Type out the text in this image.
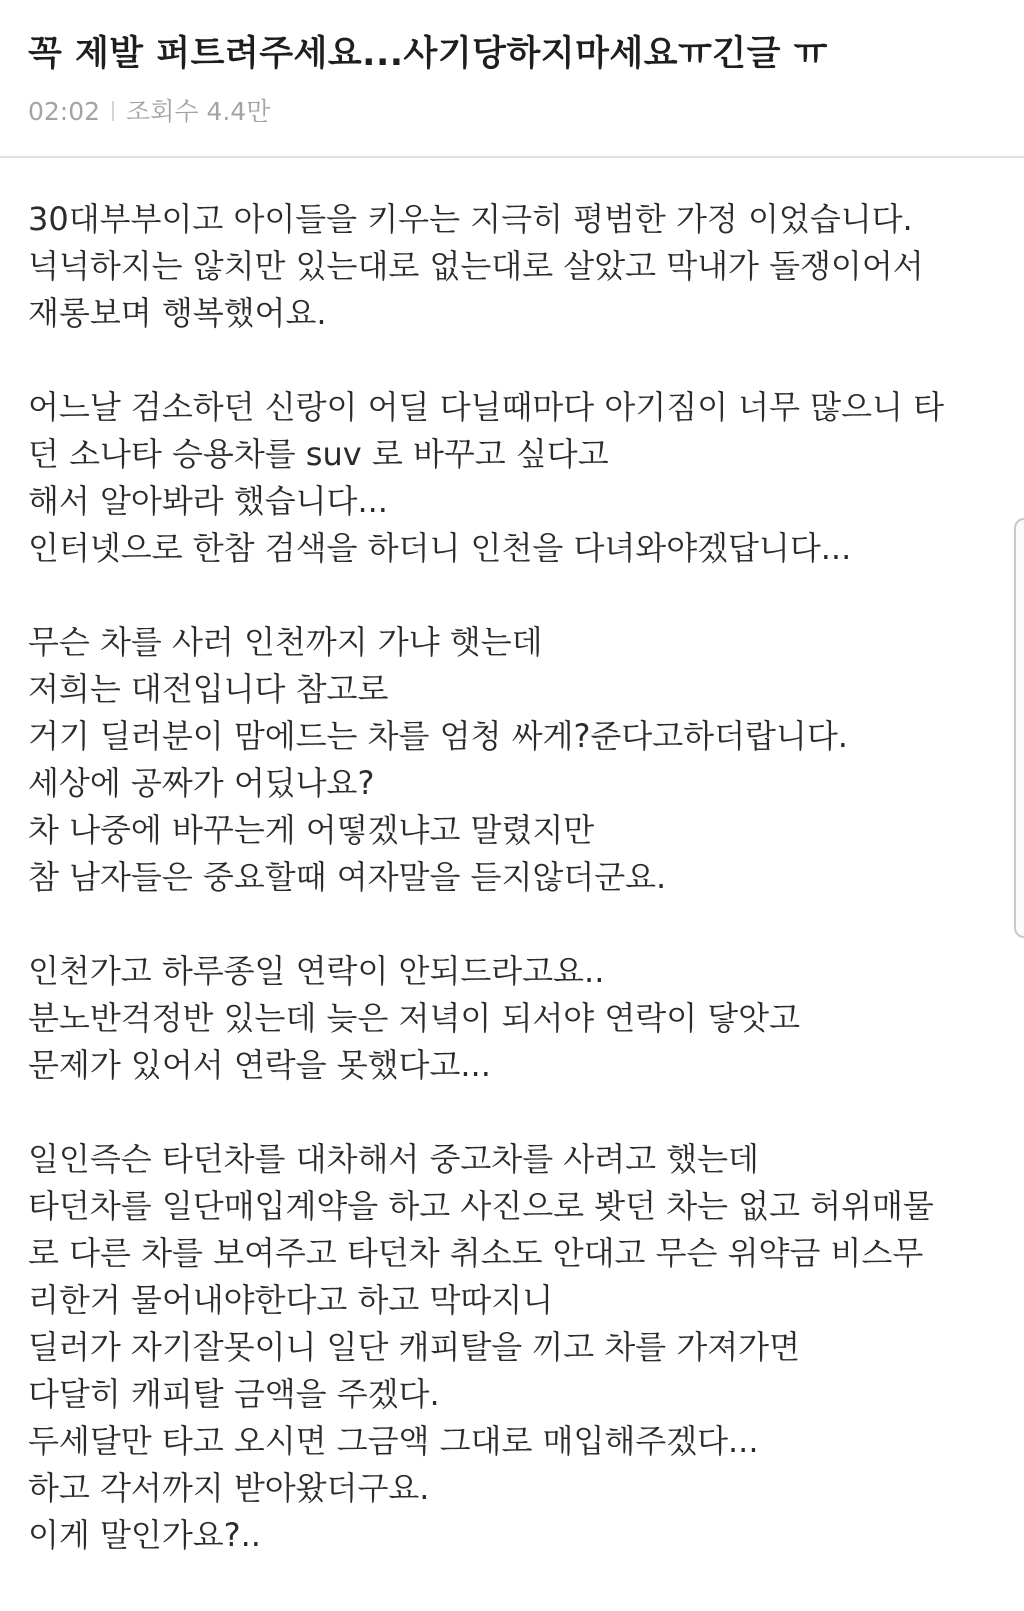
꼭 제발 퍼트려주세요...사기당하지마세요ㅠ긴글 ㅠ
02:02 조회수 4.4만
30대부부이고 아이들을 키우는 지극히 평범한 가정 이었습니다.
넉넉하지는 않치만 있는대로 없는대로 살았고 막내가 돌쟁이어서
재롱보며 행복했어요.
어느날 검소하던 신랑이 어딜 다닐때마다 아기짐이 너무 많으니 타
던 소나타 승용차를 suv 로 바꾸고 싶다고
해서 알아봐라 했습니다...
인터넷으로 한참 검색을 하더니 인천을 다녀와야겠답니다...
무슨 차를 사러 인천까지 가냐 햇는데
저희는 대전입니다 참고로
거기 딜러분이 맘에드는 차를 엄청 싸게?준다고하더랍니다.
세상에 공짜가 어딨나요?
차 나중에 바꾸는게 어떻겠냐고 말렸지만
참 남자들은 중요할때 여자말을 듣지않더군요.
인천가고 하루종일 연락이 안되드라고요..
분노반걱정반 있는데 늦은 저녁이 되서야 연락이 닿앗고
문제가 있어서 연락을 못했다고...
일인즉슨 타던차를 대차해서 중고차를 사려고 했는데
타던차를 일단매입계약을 하고 사진으로 봣던 차는 없고 허위매물
로 다른 차를 보여주고 타던차 취소도 안대고 무슨 위약금 비스무
리한거 물어내야한다고 하고 막따지니
딜러가 자기잘못이니 일단 캐피탈을 끼고 차를 가져가면
다달히 캐피탈 금액을 주겠다.
두세달만 타고 오시면 그금액 그대로 매입해주겠다...
하고 각서까지 받아왔더구요.
이게 말인가요?..
